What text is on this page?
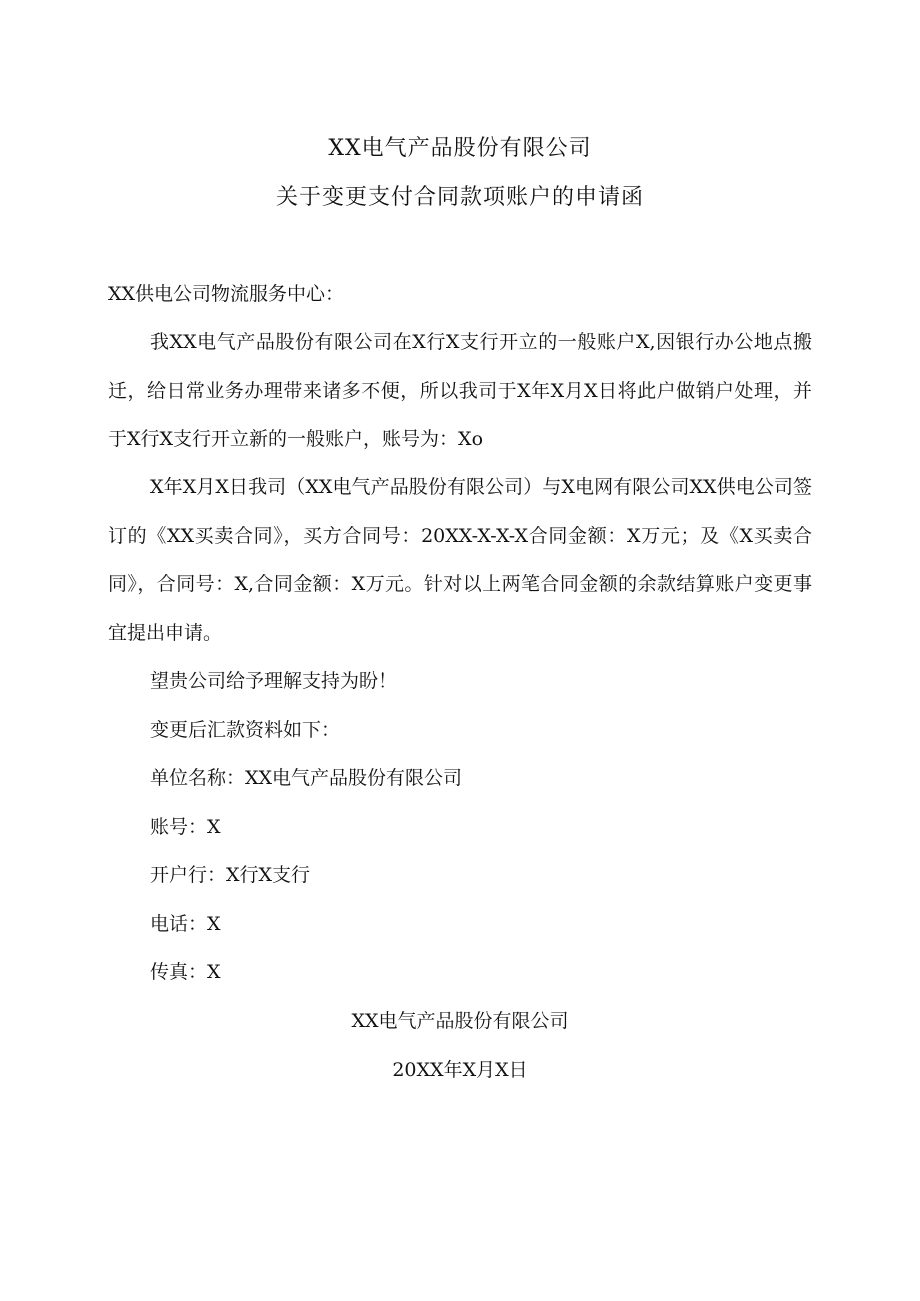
XX电气产品股份有限公司
关于变更支付合同款项账户的申请函
XX供电公司物流服务中心：

我XX电气产品股份有限公司在X行X支行开立的一般账户X,因银行办公地点搬迁，给日常业务办理带来诸多不便，所以我司于X年X月X日将此户做销户处理，并于X行X支行开立新的一般账户，账号为：Xo

X年X月X日我司（XX电气产品股份有限公司）与X电网有限公司XX供电公司签订的《XX买卖合同》，买方合同号：20XX-X-X-X合同金额：X万元；及《X买卖合同》，合同号：X,合同金额：X万元。针对以上两笔合同金额的余款结算账户变更事宜提出申请。

望贵公司给予理解支持为盼！
变更后汇款资料如下：
单位名称：XX电气产品股份有限公司
账号：X
开户行：X行X支行
电话：X
传真：X
XX电气产品股份有限公司
20XX年X月X日
